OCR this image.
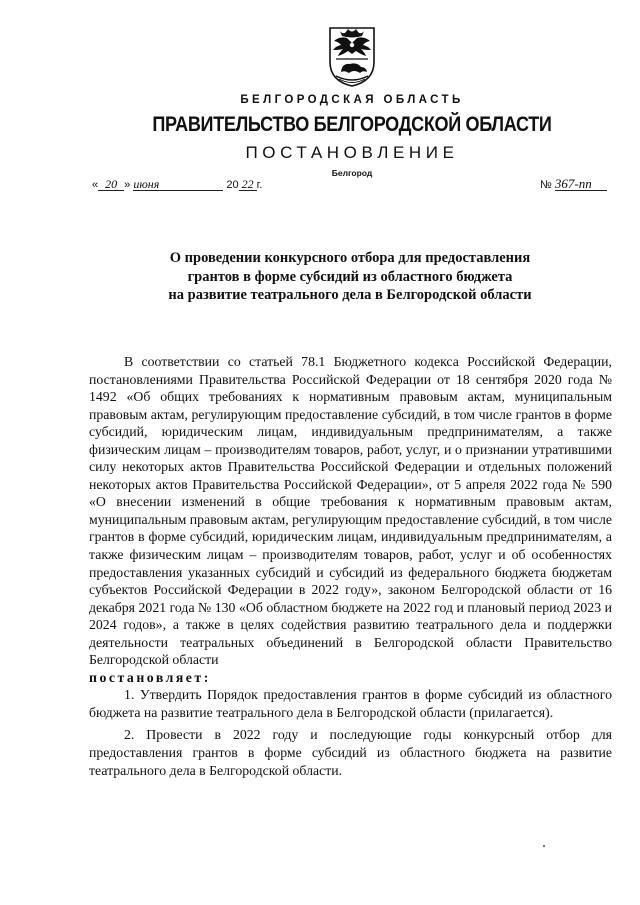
БЕЛГОРОДСКАЯ ОБЛАСТЬ
ПРАВИТЕЛЬСТВО БЕЛГОРОДСКОЙ ОБЛАСТИ
ПОСТАНОВЛЕНИЕ
Белгород
« 20 » июня	20 22 г.	№ 367-пп
О проведении конкурсного отбора для предоставления
грантов в форме субсидий из областного бюджета
на развитие театрального дела в Белгородской области

В соответствии со статьей 78.1 Бюджетного кодекса Российской Федерации, постановлениями Правительства Российской Федерации от 18 сентября 2020 года № 1492 «Об общих требованиях к нормативным правовым актам, муниципальным правовым актам, регулирующим предоставление субсидий, в том числе грантов в форме субсидий, юридическим лицам, индивидуальным предпринимателям, а также физическим лицам – производителям товаров, работ, услуг, и о признании утратившими силу некоторых актов Правительства Российской Федерации и отдельных положений некоторых актов Правительства Российской Федерации», от 5 апреля 2022 года № 590 «О внесении изменений в общие требования к нормативным правовым актам, муниципальным правовым актам, регулирующим предоставление субсидий, в том числе грантов в форме субсидий, юридическим лицам, индивидуальным предпринимателям, а также физическим лицам – производителям товаров, работ, услуг и об особенностях предоставления указанных субсидий и субсидий из федерального бюджета бюджетам субъектов Российской Федерации в 2022 году», законом Белгородской области от 16 декабря 2021 года № 130 «Об областном бюджете на 2022 год и плановый период 2023 и 2024 годов», а также в целях содействия развитию театрального дела и поддержки деятельности театральных объединений в Белгородской области Правительство Белгородской области

постановляет:

1. Утвердить Порядок предоставления грантов в форме субсидий из областного бюджета на развитие театрального дела в Белгородской области (прилагается).

2. Провести в 2022 году и последующие годы конкурсный отбор для предоставления грантов в форме субсидий из областного бюджета на развитие театрального дела в Белгородской области.
